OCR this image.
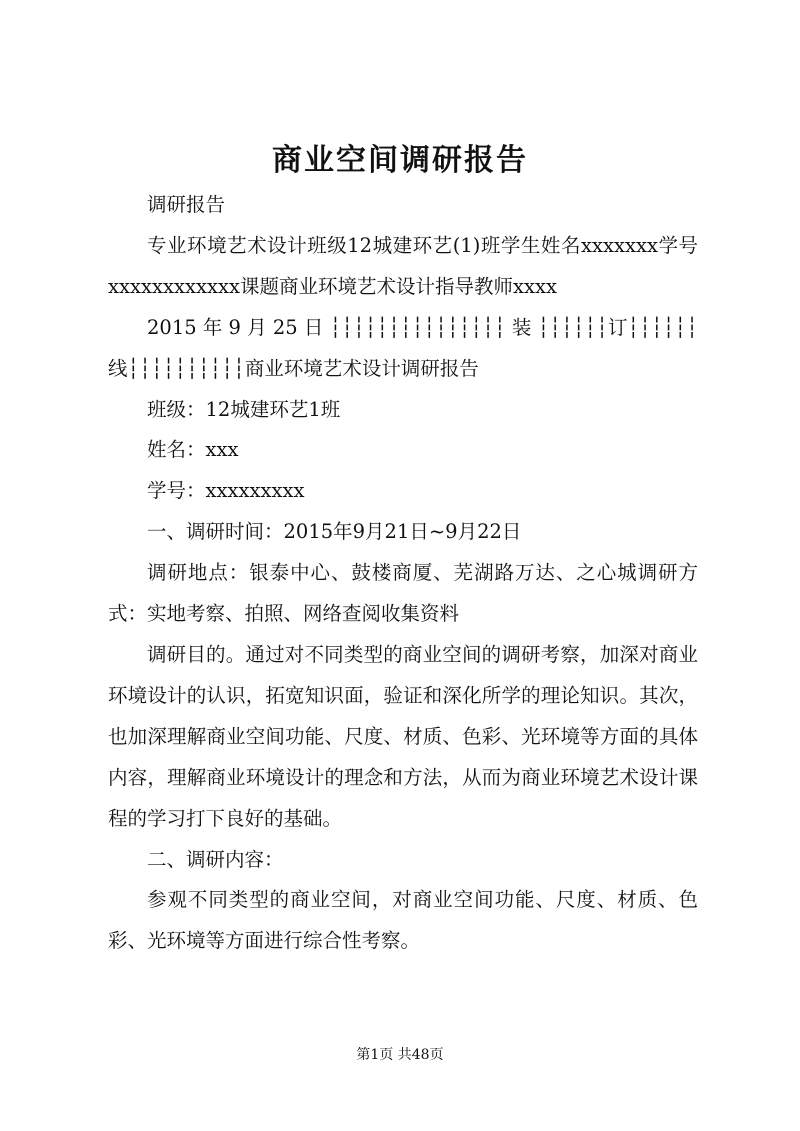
商业空间调研报告

调研报告

专业环境艺术设计班级12城建环艺(1)班学生姓名xxxxxxx学号xxxxxxxxxxxx课题商业环境艺术设计指导教师xxxx

2015 年 9 月 25 日 ┆┆┆┆┆┆┆┆┆┆┆┆┆┆┆ 装 ┆┆┆┆┆┆订┆┆┆┆┆┆线┆┆┆┆┆┆┆┆┆┆商业环境艺术设计调研报告

班级：12城建环艺1班

姓名：xxx

学号：xxxxxxxxx

一、调研时间：2015年9月21日~9月22日

调研地点：银泰中心、鼓楼商厦、芜湖路万达、之心城调研方式：实地考察、拍照、网络查阅收集资料

调研目的。通过对不同类型的商业空间的调研考察，加深对商业环境设计的认识，拓宽知识面，验证和深化所学的理论知识。其次，也加深理解商业空间功能、尺度、材质、色彩、光环境等方面的具体内容，理解商业环境设计的理念和方法，从而为商业环境艺术设计课程的学习打下良好的基础。

二、调研内容：

参观不同类型的商业空间，对商业空间功能、尺度、材质、色彩、光环境等方面进行综合性考察。

第1页 共48页
